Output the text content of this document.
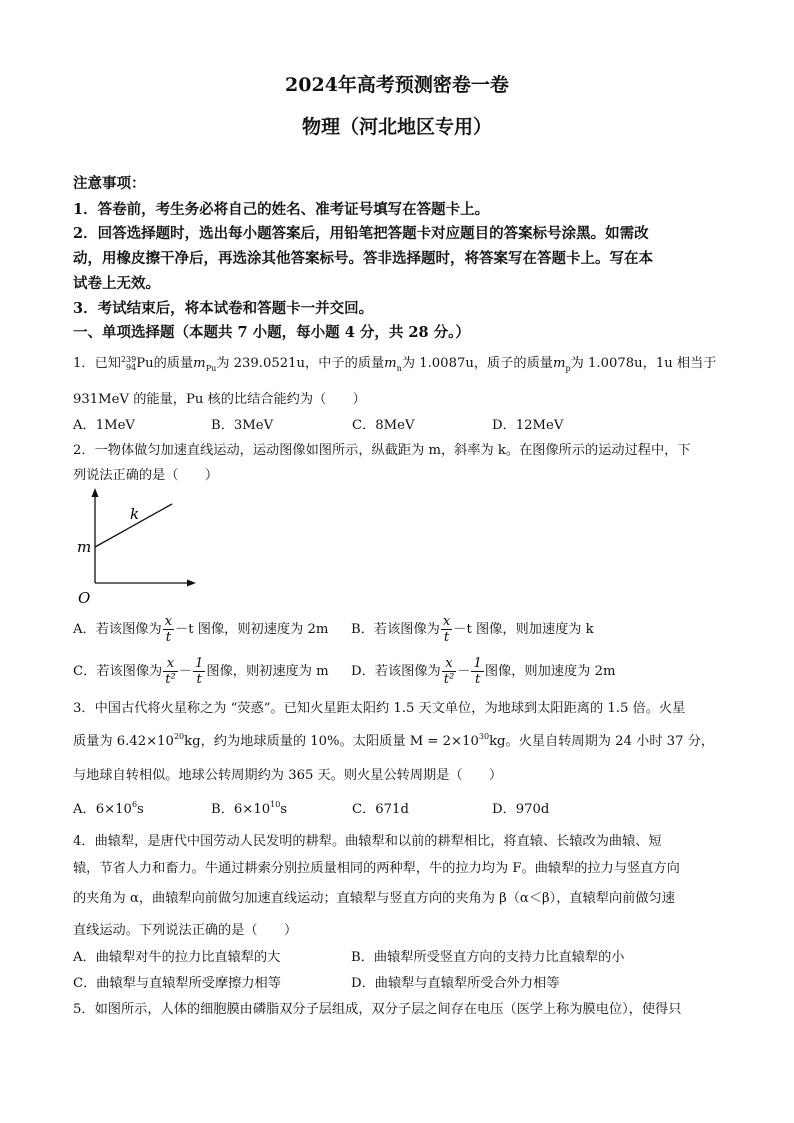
2024年高考预测密卷一卷
物理（河北地区专用）
注意事项：
1．答卷前，考生务必将自己的姓名、准考证号填写在答题卡上。
2．回答选择题时，选出每小题答案后，用铅笔把答题卡对应题目的答案标号涂黑。如需改
动，用橡皮擦干净后，再选涂其他答案标号。答非选择题时，将答案写在答题卡上。写在本
试卷上无效。
3．考试结束后，将本试卷和答题卡一并交回。
一、单项选择题（本题共 7 小题，每小题 4 分，共 28 分。）
1．已知 239
94 Pu的质量$m_{Pu}$为 239.0521u，中子的质量$m_n$为 1.0087u，质子的质量$m_p$为 1.0078u，1u 相当于
931MeV 的能量，Pu 核的比结合能约为（　　）
A．1MeV	B．3MeV	C．8MeV	D．12MeV
2．一物体做匀加速直线运动，运动图像如图所示，纵截距为 m，斜率为 k。在图像所示的运动过程中，下
列说法正确的是（　　）
k
m
O
A．若该图像为 $\frac{x}{t} -t$ 图像，则初速度为 2m B．若该图像为 $\frac{x}{t} -t$ 图像，则加速度为 k
C．若该图像为 $\frac{x}{\text{t²}} - \frac{1}{t}$ 图像，则初速度为 m D．若该图像为 $\frac{x}{\text{t²}} - \frac{1}{t}$ 图像，则加速度为 2m
3．中国古代将火星称之为 “荧惑”。已知火星距太阳约 1.5 天文单位，为地球到太阳距离的 1.5 倍。火星
质量为 $6.42\times 10^{20}kg$，约为地球质量的 10%。太阳质量 $M = 2\times 10^{30}kg$。火星自转周期为 24 小时 37 分，
与地球自转相似。地球公转周期约为 365 天。则火星公转周期是（　　）
A．$6\times 10^6s$	B．$6\times 10^{10}s$	C．671d	D．970d
4．曲辕犁，是唐代中国劳动人民发明的耕犁。曲辕犁和以前的耕犁相比，将直辕、长辕改为曲辕、短
辕，节省人力和畜力。牛通过耕索分别拉质量相同的两种犁，牛的拉力均为 F。曲辕犁的拉力与竖直方向
的夹角为 α，曲辕犁向前做匀加速直线运动；直辕犁与竖直方向的夹角为 β（α＜β），直辕犁向前做匀速
直线运动。下列说法正确的是（　　）
A．曲辕犁对牛的拉力比直辕犁的大	B．曲辕犁所受竖直方向的支持力比直辕犁的小
C．曲辕犁与直辕犁所受摩擦力相等	D．曲辕犁与直辕犁所受合外力相等
5．如图所示，人体的细胞膜由磷脂双分子层组成，双分子层之间存在电压（医学上称为膜电位），使得只
